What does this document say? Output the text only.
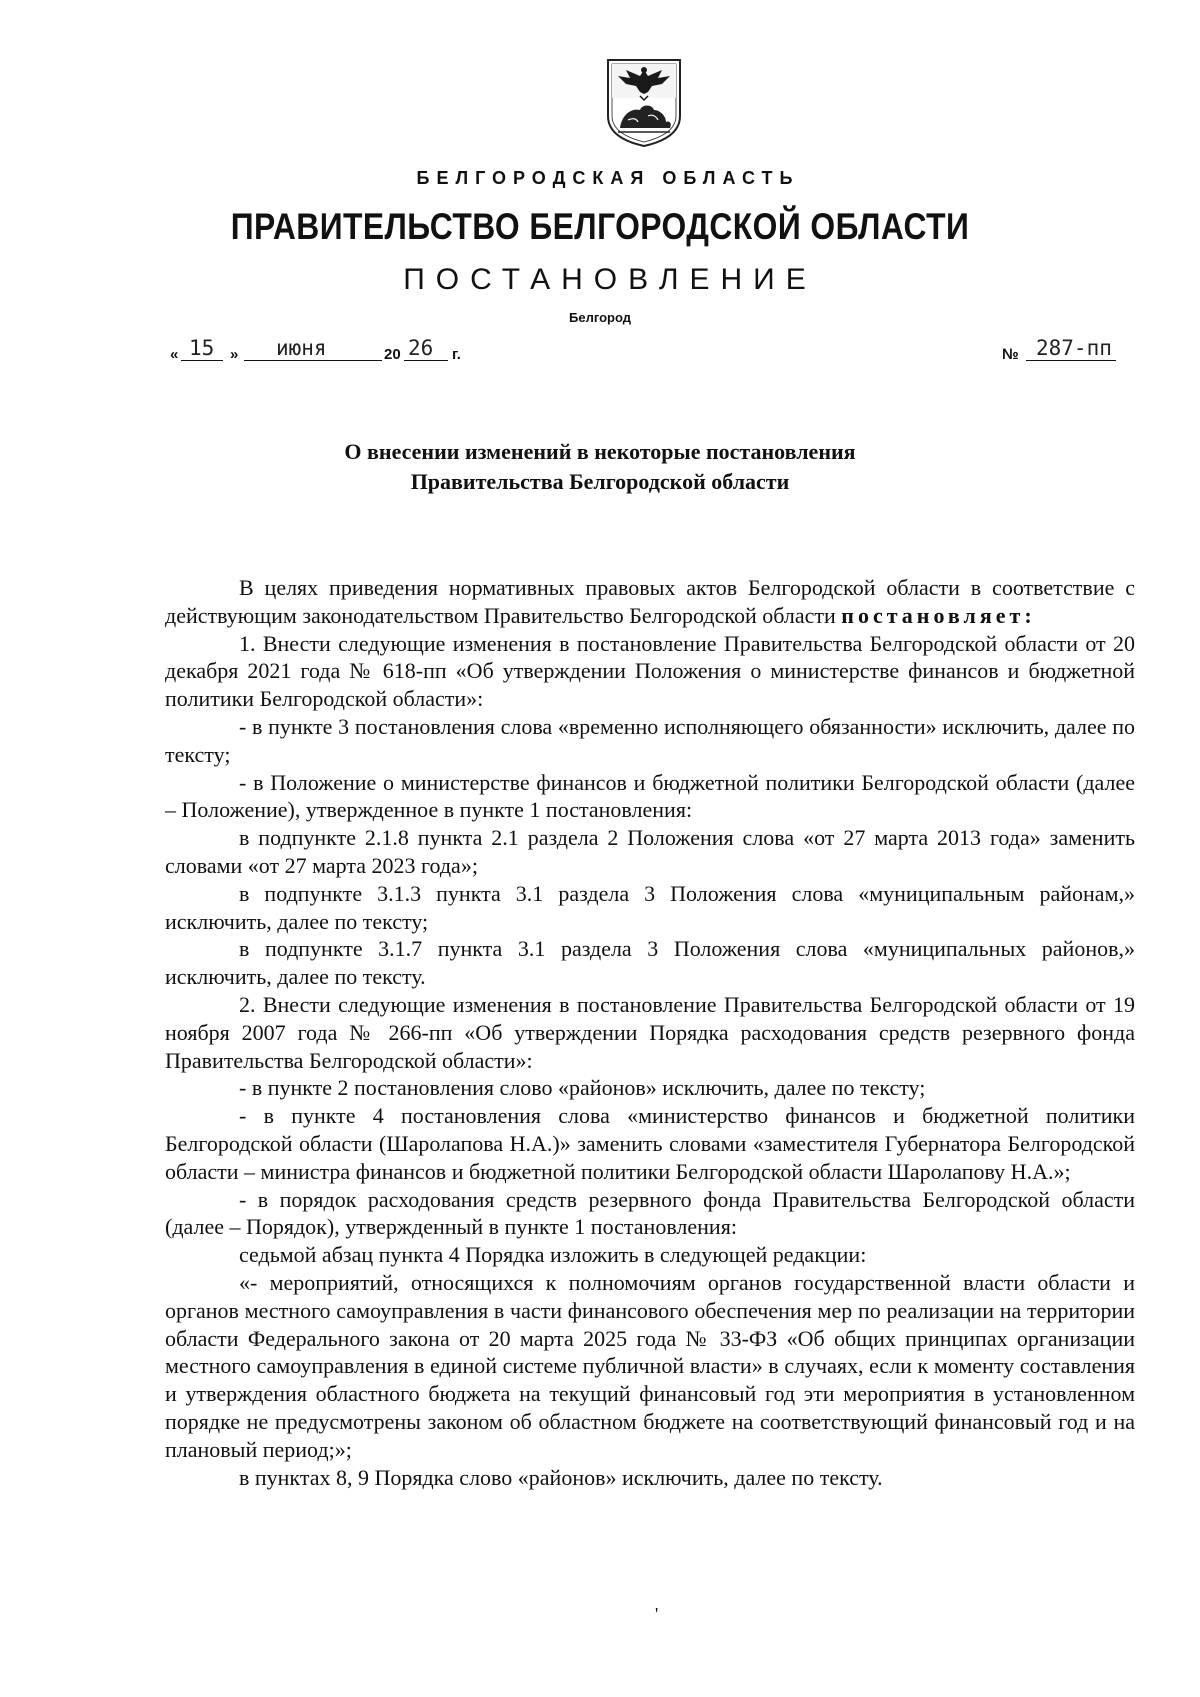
БЕЛГОРОДСКАЯ ОБЛАСТЬ
ПРАВИТЕЛЬСТВО БЕЛГОРОДСКОЙ ОБЛАСТИ
ПОСТАНОВЛЕНИЕ
Белгород
« 15 » июня	20 26 г.	№ 287-пп
О внесении изменений в некоторые постановления
Правительства Белгородской области

В целях приведения нормативных правовых актов Белгородской области в соответствие с действующим законодательством Правительство Белгородской области постановляет:

1. Внести следующие изменения в постановление Правительства Белгородской области от 20 декабря 2021 года № 618-пп «Об утверждении Положения о министерстве финансов и бюджетной политики Белгородской области»:

- в пункте 3 постановления слова «временно исполняющего обязанности» исключить, далее по тексту;

- в Положение о министерстве финансов и бюджетной политики Белгородской области (далее – Положение), утвержденное в пункте 1 постановления:

в подпункте 2.1.8 пункта 2.1 раздела 2 Положения слова «от 27 марта 2013 года» заменить словами «от 27 марта 2023 года»;

в подпункте 3.1.3 пункта 3.1 раздела 3 Положения слова «муниципальным районам,» исключить, далее по тексту;

в подпункте 3.1.7 пункта 3.1 раздела 3 Положения слова «муниципальных районов,» исключить, далее по тексту.

2. Внести следующие изменения в постановление Правительства Белгородской области от 19 ноября 2007 года № 266-пп «Об утверждении Порядка расходования средств резервного фонда Правительства Белгородской области»:

- в пункте 2 постановления слово «районов» исключить, далее по тексту;

- в пункте 4 постановления слова «министерство финансов и бюджетной политики Белгородской области (Шаролапова Н.А.)» заменить словами «заместителя Губернатора Белгородской области – министра финансов и бюджетной политики Белгородской области Шаролапову Н.А.»;

- в порядок расходования средств резервного фонда Правительства Белгородской области (далее – Порядок), утвержденный в пункте 1 постановления:

седьмой абзац пункта 4 Порядка изложить в следующей редакции:

«- мероприятий, относящихся к полномочиям органов государственной власти области и органов местного самоуправления в части финансового обеспечения мер по реализации на территории области Федерального закона от 20 марта 2025 года № 33-ФЗ «Об общих принципах организации местного самоуправления в единой системе публичной власти» в случаях, если к моменту составления и утверждения областного бюджета на текущий финансовый год эти мероприятия в установленном порядке не предусмотрены законом об областном бюджете на соответствующий финансовый год и на плановый период;»;

в пунктах 8, 9 Порядка слово «районов» исключить, далее по тексту.

'
